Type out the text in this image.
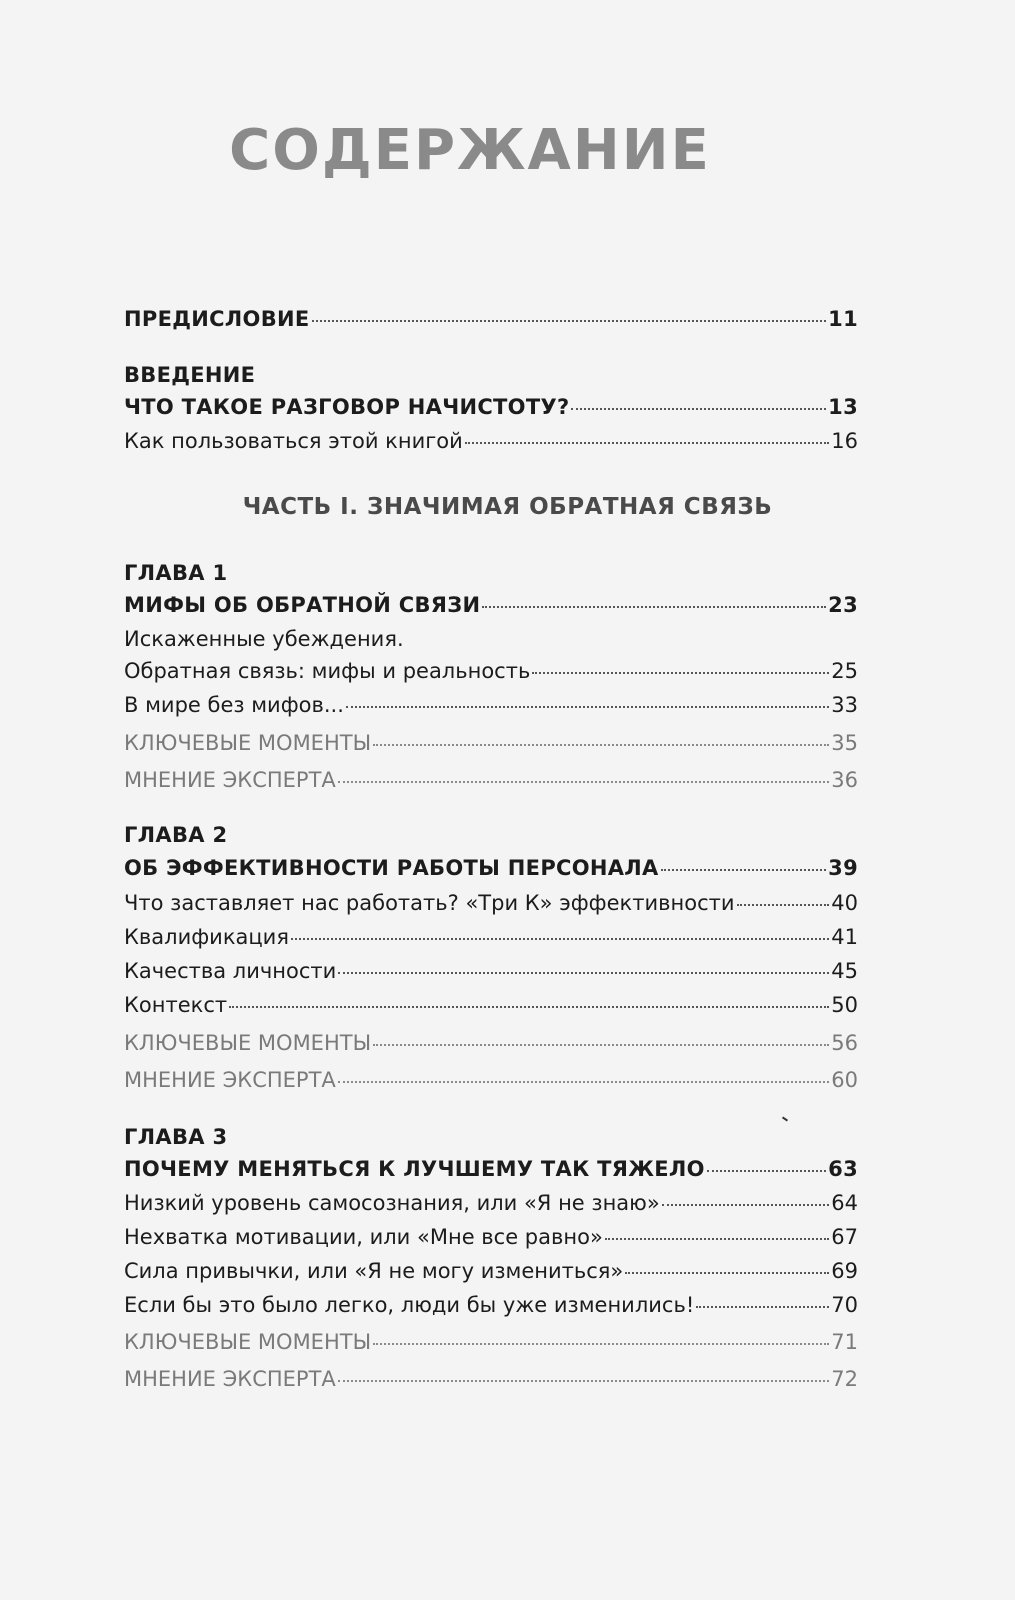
СОДЕРЖАНИЕ
ПРЕДИСЛОВИЕ	11
ВВЕДЕНИЕ
ЧТО ТАКОЕ РАЗГОВОР НАЧИСТОТУ?	13
Как пользоваться этой книгой	16
ЧАСТЬ I. ЗНАЧИМАЯ ОБРАТНАЯ СВЯЗЬ
ГЛАВА 1
МИФЫ ОБ ОБРАТНОЙ СВЯЗИ	23
Искаженные убеждения.
Обратная связь: мифы и реальность	25
В мире без мифов...	33
КЛЮЧЕВЫЕ МОМЕНТЫ	35
МНЕНИЕ ЭКСПЕРТА	36
ГЛАВА 2
ОБ ЭФФЕКТИВНОСТИ РАБОТЫ ПЕРСОНАЛА	39
Что заставляет нас работать? «Три К» эффективности	40
Квалификация	41
Качества личности	45
Контекст	50
КЛЮЧЕВЫЕ МОМЕНТЫ	56
МНЕНИЕ ЭКСПЕРТА	60
ГЛАВА 3
ПОЧЕМУ МЕНЯТЬСЯ К ЛУЧШЕМУ ТАК ТЯЖЕЛО	63
Низкий уровень самосознания, или «Я не знаю»	64
Нехватка мотивации, или «Мне все равно»	67
Сила привычки, или «Я не могу измениться»	69
Если бы это было легко, люди бы уже изменились!	70
КЛЮЧЕВЫЕ МОМЕНТЫ	71
МНЕНИЕ ЭКСПЕРТА	72
